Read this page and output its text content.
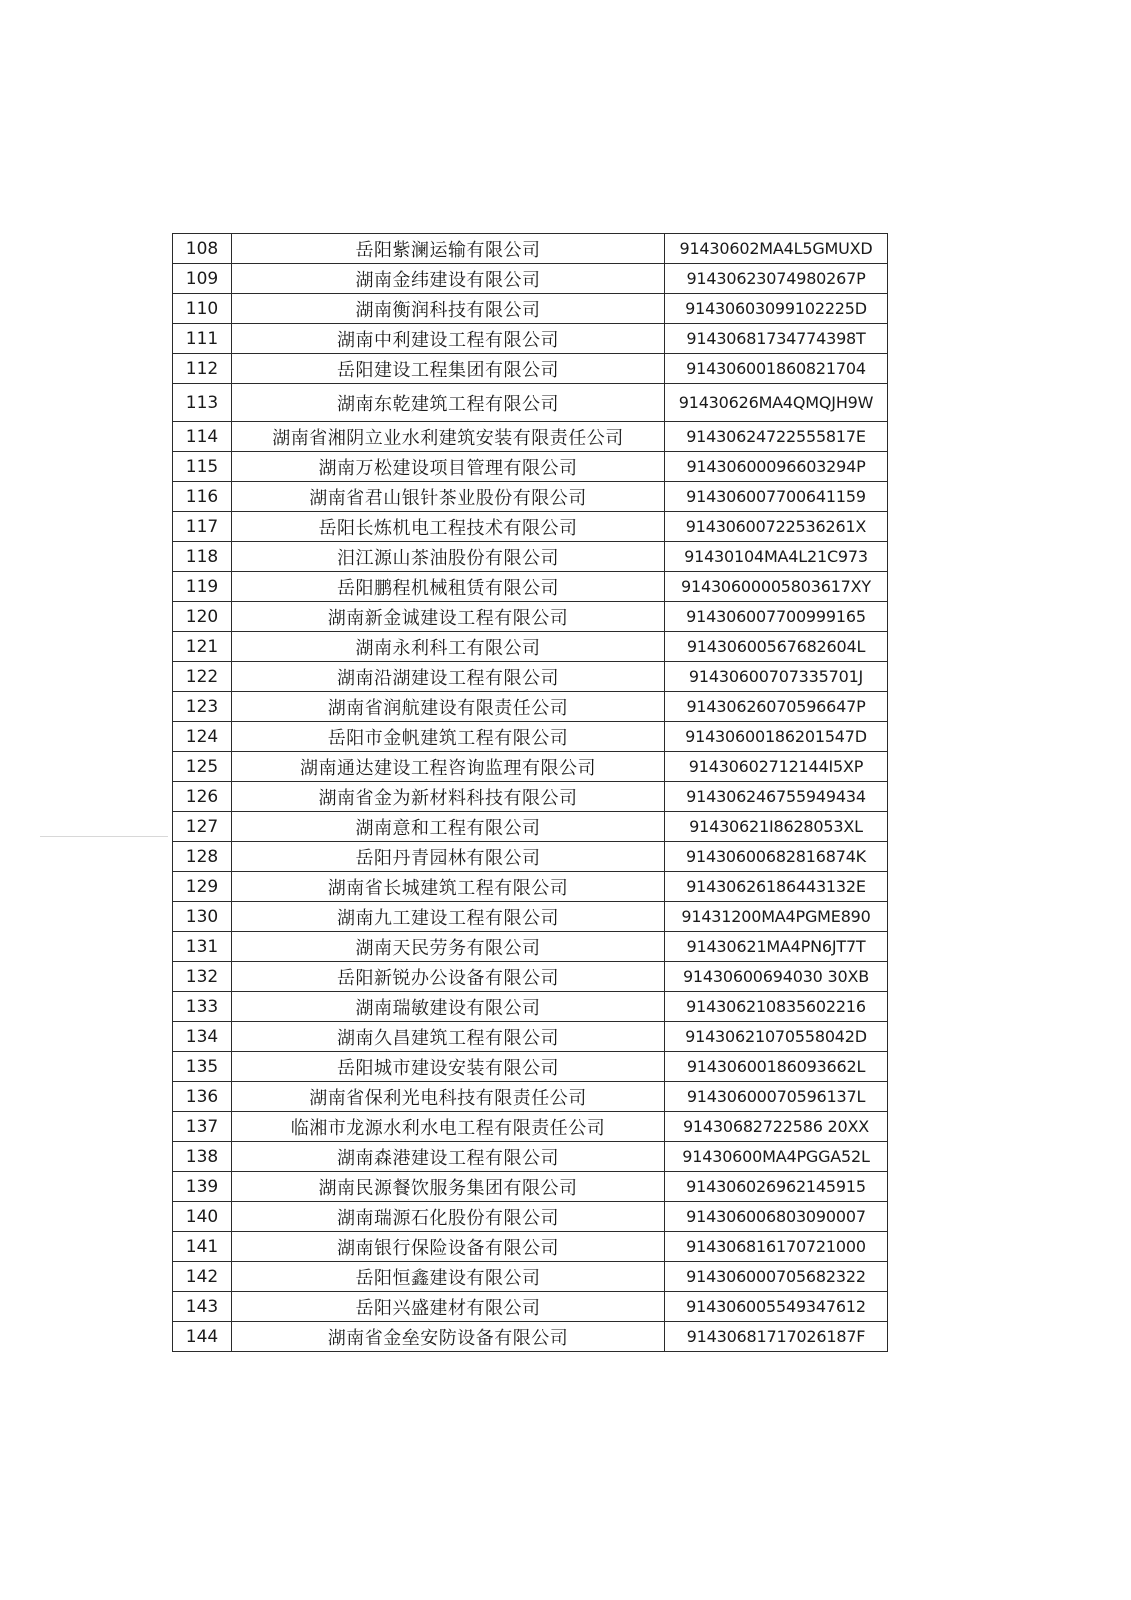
108	岳阳紫澜运输有限公司	91430602MA4L5GMUXD
109	湖南金纬建设有限公司	91430623074980267P
110	湖南衡润科技有限公司	91430603099102225D
111	湖南中利建设工程有限公司	91430681734774398T
112	岳阳建设工程集团有限公司	914306001860821704
113	湖南东乾建筑工程有限公司	91430626MA4QMQJH9W
114	湖南省湘阴立业水利建筑安装有限责任公司	91430624722555817E
115	湖南万松建设项目管理有限公司	91430600096603294P
116	湖南省君山银针茶业股份有限公司	914306007700641159
117	岳阳长炼机电工程技术有限公司	91430600722536261X
118	汨江源山茶油股份有限公司	91430104MA4L21C973
119	岳阳鹏程机械租赁有限公司	91430600005803617XY
120	湖南新金诚建设工程有限公司	914306007700999165
121	湖南永利科工有限公司	91430600567682604L
122	湖南沿湖建设工程有限公司	91430600707335701J
123	湖南省润航建设有限责任公司	91430626070596647P
124	岳阳市金帆建筑工程有限公司	91430600186201547D
125	湖南通达建设工程咨询监理有限公司	91430602712144I5XP
126	湖南省金为新材料科技有限公司	914306246755949434
127	湖南意和工程有限公司	91430621I8628053XL
128	岳阳丹青园林有限公司	91430600682816874K
129	湖南省长城建筑工程有限公司	91430626186443132E
130	湖南九工建设工程有限公司	91431200MA4PGME890
131	湖南天民劳务有限公司	91430621MA4PN6JT7T
132	岳阳新锐办公设备有限公司	91430600694030 30XB
133	湖南瑞敏建设有限公司	914306210835602216
134	湖南久昌建筑工程有限公司	91430621070558042D
135	岳阳城市建设安装有限公司	91430600186093662L
136	湖南省保利光电科技有限责任公司	91430600070596137L
137	临湘市龙源水利水电工程有限责任公司	91430682722586 20XX
138	湖南森港建设工程有限公司	91430600MA4PGGA52L
139	湖南民源餐饮服务集团有限公司	914306026962145915
140	湖南瑞源石化股份有限公司	914306006803090007
141	湖南银行保险设备有限公司	914306816170721000
142	岳阳恒鑫建设有限公司	914306000705682322
143	岳阳兴盛建材有限公司	914306005549347612
144	湖南省金垒安防设备有限公司	91430681717026187F
